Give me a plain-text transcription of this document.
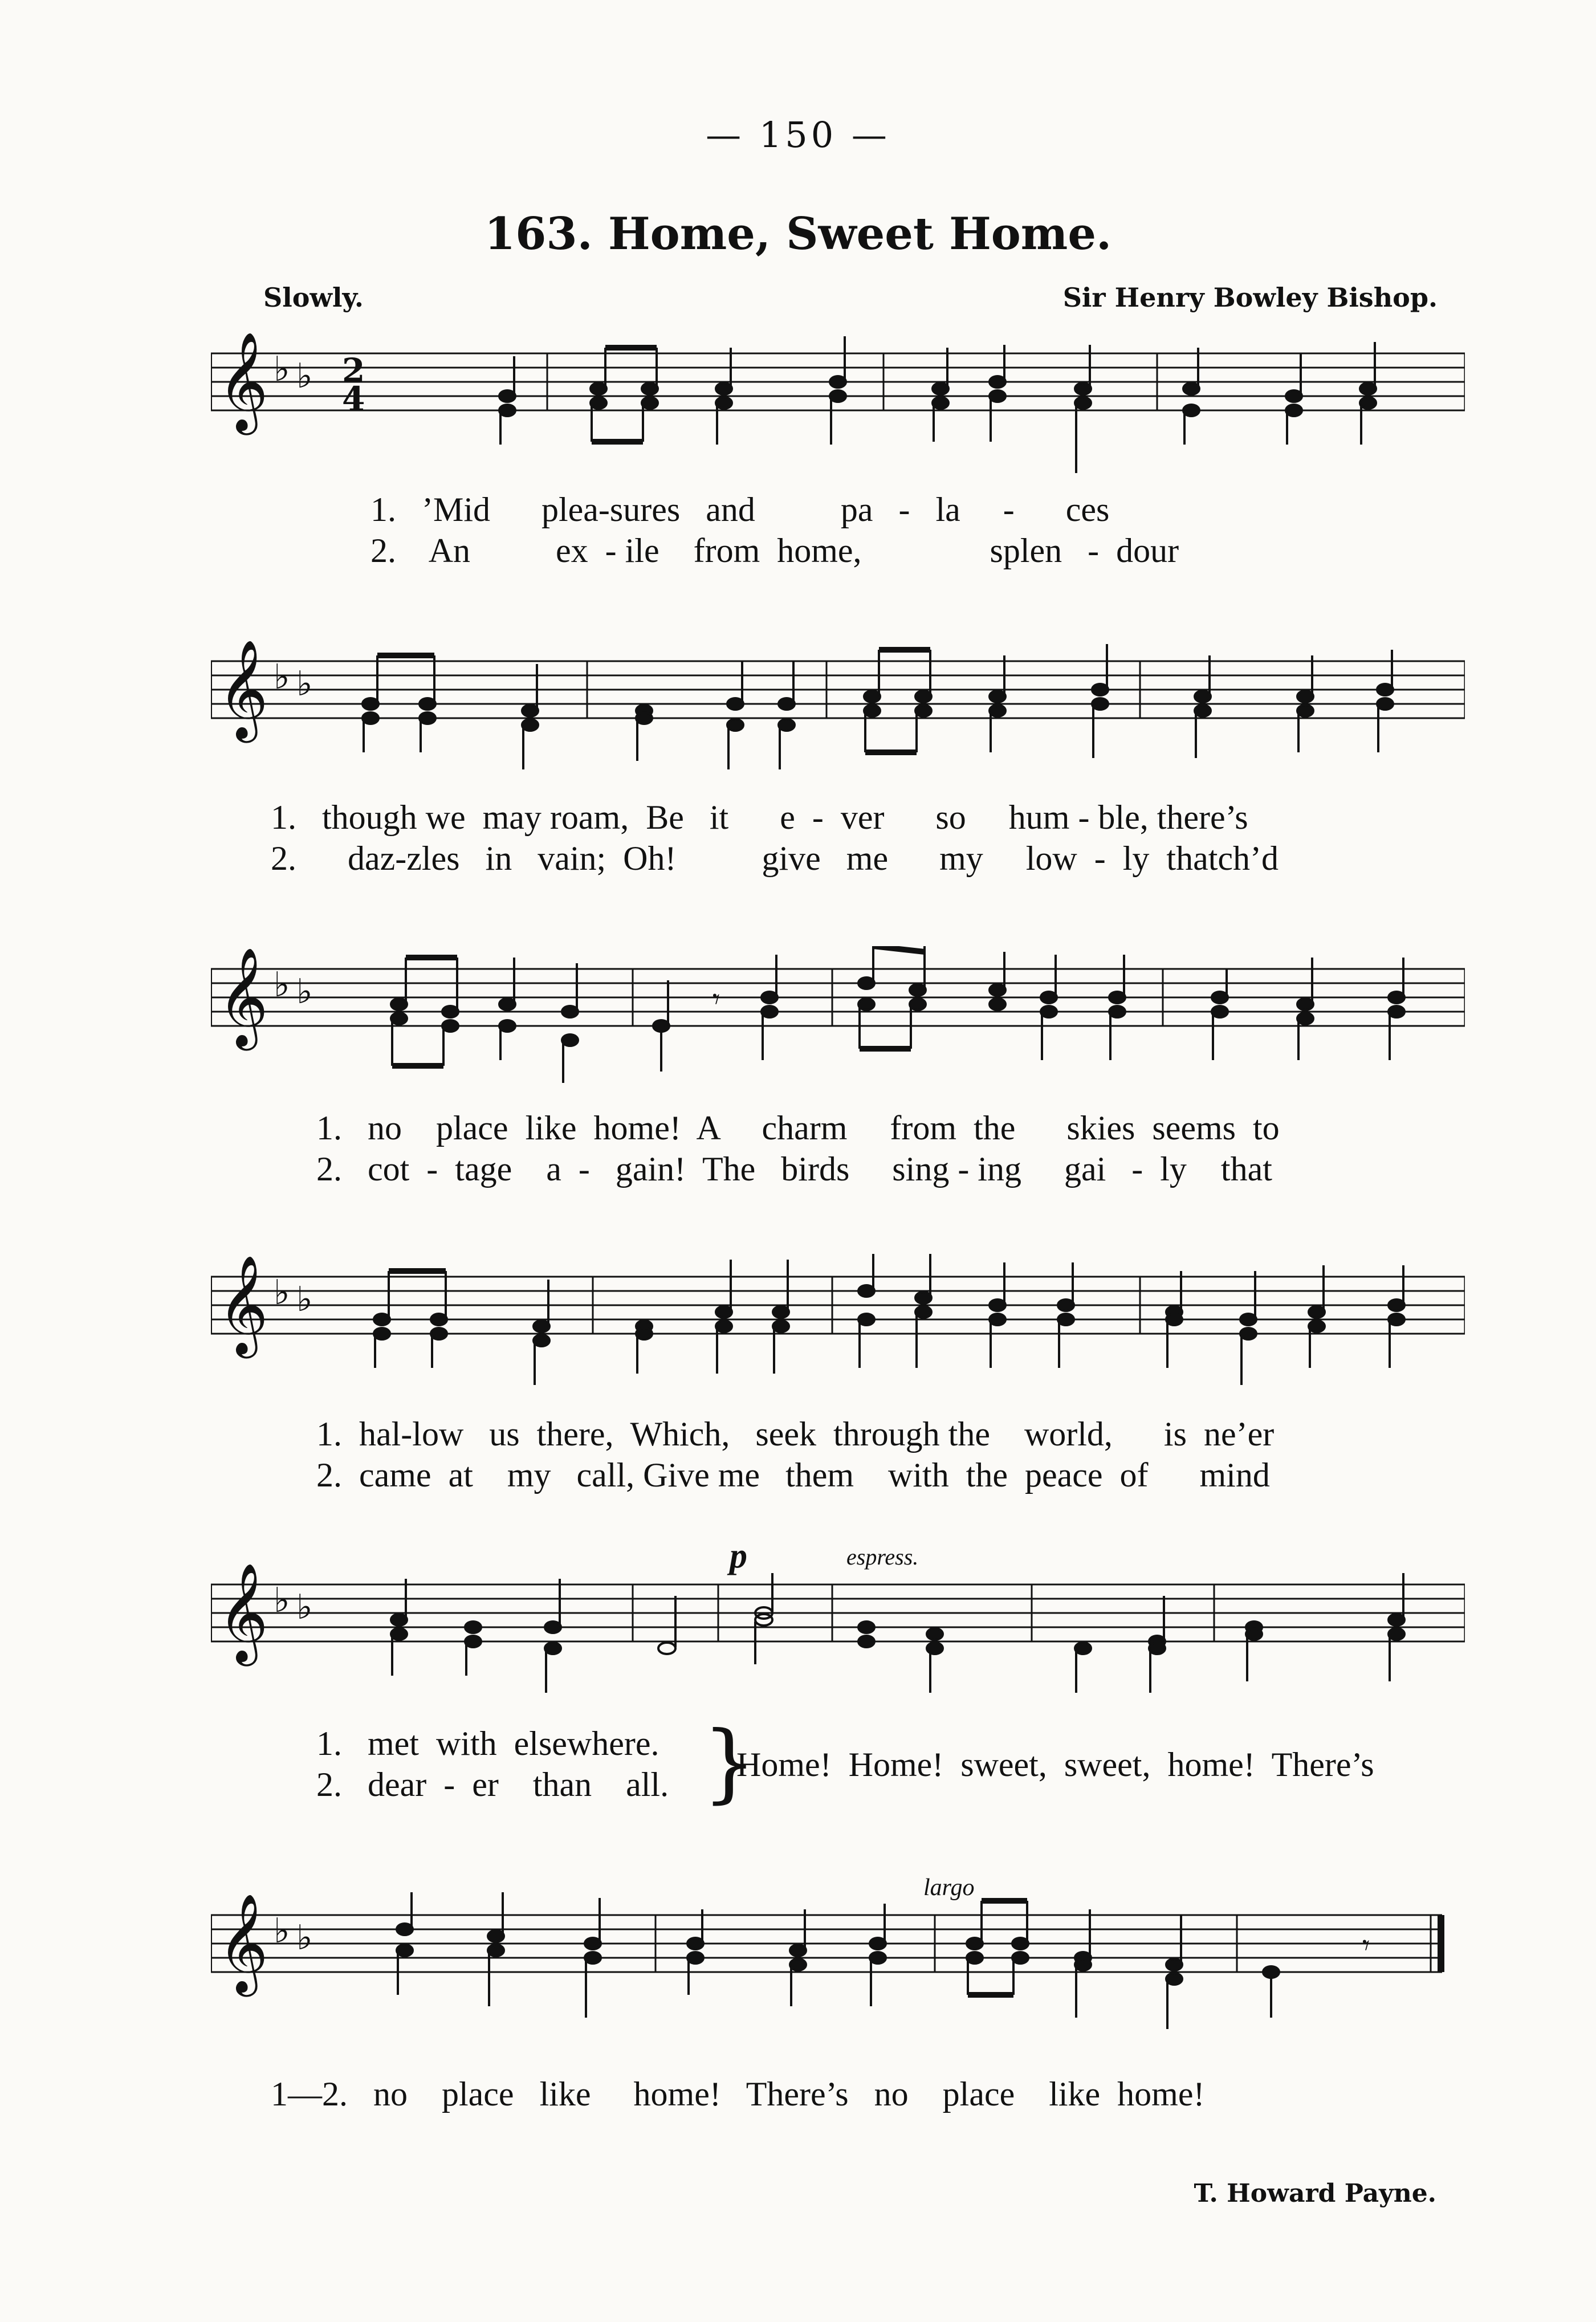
— 150 —
163. Home, Sweet Home.
Slowly.	Sir Henry Bowley Bishop.
𝄞 ♭ ♭ 2
4
1.   ’Mid      plea-sures   and          pa   -   la     -      ces
2.    An          ex  - ile    from  home,               splen   -  dour
𝄞 ♭ ♭
1.   though we  may roam,  Be   it      e  -  ver      so     hum - ble, there’s
2.      daz-zles   in   vain;  Oh!          give   me      my     low  -  ly  thatch’d
𝄞 ♭ ♭	𝄾
1.   no    place  like  home!  A     charm     from  the      skies  seems  to
2.   cot  -  tage    a  -   gain!  The   birds     sing - ing     gai   -  ly    that
𝄞 ♭ ♭
1.  hal-low   us  there,  Which,   seek  through the    world,      is  ne’er
2.  came  at    my   call, Give me   them    with  the  peace  of      mind
p	espress.
𝄞 ♭ ♭
1.   met  with  elsewhere.
2.   dear  -  er    than    all. }
Home!  Home!  sweet,  sweet,  home!  There’s
largo
𝄞 ♭ ♭	𝄾
1—2.   no    place   like     home!   There’s   no    place    like  home!
T. Howard Payne.
